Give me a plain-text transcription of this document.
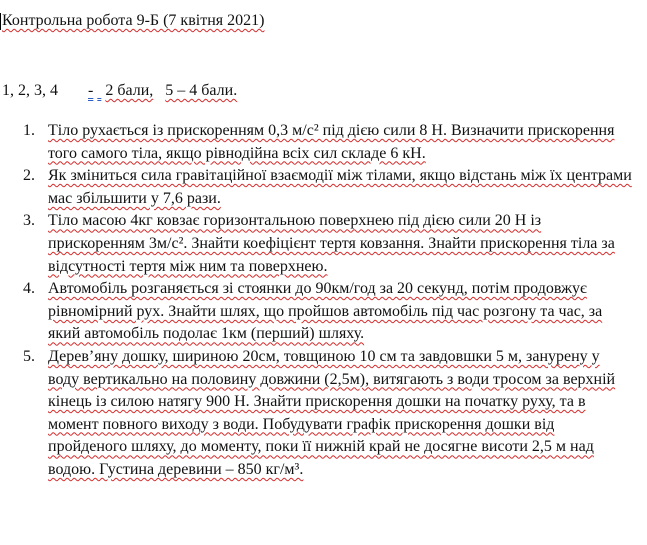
Контрольна робота 9-Б (7 квітня 2021)
1, 2, 3, 4 - 2 бали, 5 – 4 бали.
1. Тіло рухається із прискоренням 0,3 м/с² під дією сили 8 Н. Визначити прискорення того самого тіла, якщо рівнодійна всіх сил складе 6 кН.
2. Як зміниться сила гравітаційної взаємодії між тілами, якщо відстань між їх центрами мас збільшити у 7,6 рази.
3. Тіло масою 4кг ковзає горизонтальною поверхнею під дією сили 20 Н із прискоренням 3м/с². Знайти коефіцієнт тертя ковзання. Знайти прискорення тіла за відсутності тертя між ним та поверхнею.
4. Автомобіль розганяється зі стоянки до 90км/год за 20 секунд, потім продовжує рівномірний рух. Знайти шлях, що пройшов автомобіль під час розгону та час, за який автомобіль подолає 1км (перший) шляху.
5. Дерев’яну дошку, шириною 20см, товщиною 10 см та завдовшки 5 м, занурену у воду вертикально на половину довжини (2,5м), витягають з води тросом за верхній кінець із силою натягу 900 Н. Знайти прискорення дошки на початку руху, та в момент повного виходу з води. Побудувати графік прискорення дошки від пройденого шляху, до моменту, поки її нижній край не досягне висоти 2,5 м над водою. Густина деревини – 850 кг/м³.
